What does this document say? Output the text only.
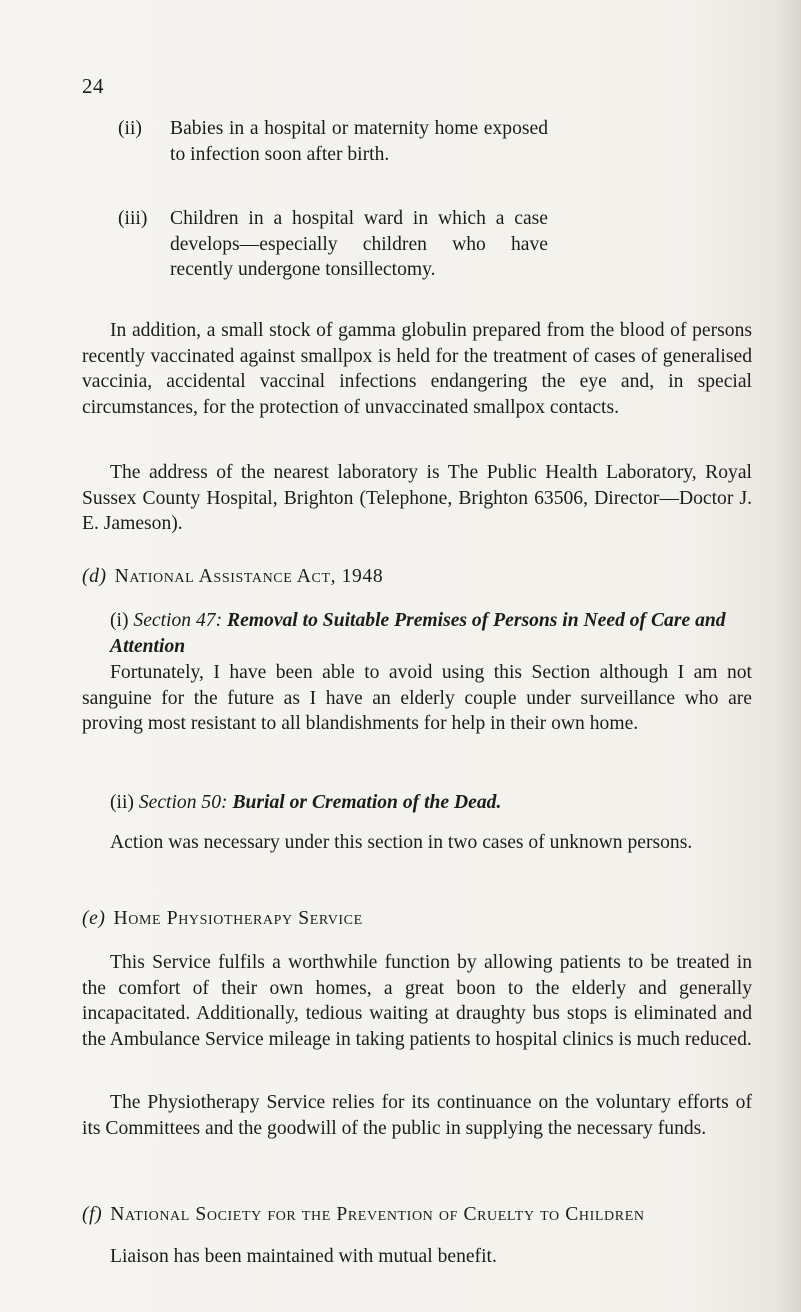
24
(ii) Babies in a hospital or maternity home exposed to infection soon after birth.
(iii) Children in a hospital ward in which a case develops—especially children who have recently undergone tonsillectomy.

In addition, a small stock of gamma globulin prepared from the blood of persons recently vaccinated against smallpox is held for the treatment of cases of generalised vaccinia, accidental vaccinal infections endangering the eye and, in special circumstances, for the protection of unvaccinated smallpox contacts.

The address of the nearest laboratory is The Public Health Laboratory, Royal Sussex County Hospital, Brighton (Telephone, Brighton 63506, Director—Doctor J. E. Jameson).

(d) National Assistance Act, 1948
(i) Section 47: Removal to Suitable Premises of Persons in Need of Care and Attention

Fortunately, I have been able to avoid using this Section although I am not sanguine for the future as I have an elderly couple under surveillance who are proving most resistant to all blandishments for help in their own home.

(ii) Section 50: Burial or Cremation of the Dead.

Action was necessary under this section in two cases of unknown persons.

(e) Home Physiotherapy Service

This Service fulfils a worthwhile function by allowing patients to be treated in the comfort of their own homes, a great boon to the elderly and generally incapacitated. Additionally, tedious waiting at draughty bus stops is eliminated and the Ambulance Service mileage in taking patients to hospital clinics is much reduced.

The Physiotherapy Service relies for its continuance on the voluntary efforts of its Committees and the goodwill of the public in supplying the necessary funds.

(f) National Society for the Prevention of Cruelty to Children

Liaison has been maintained with mutual benefit.
